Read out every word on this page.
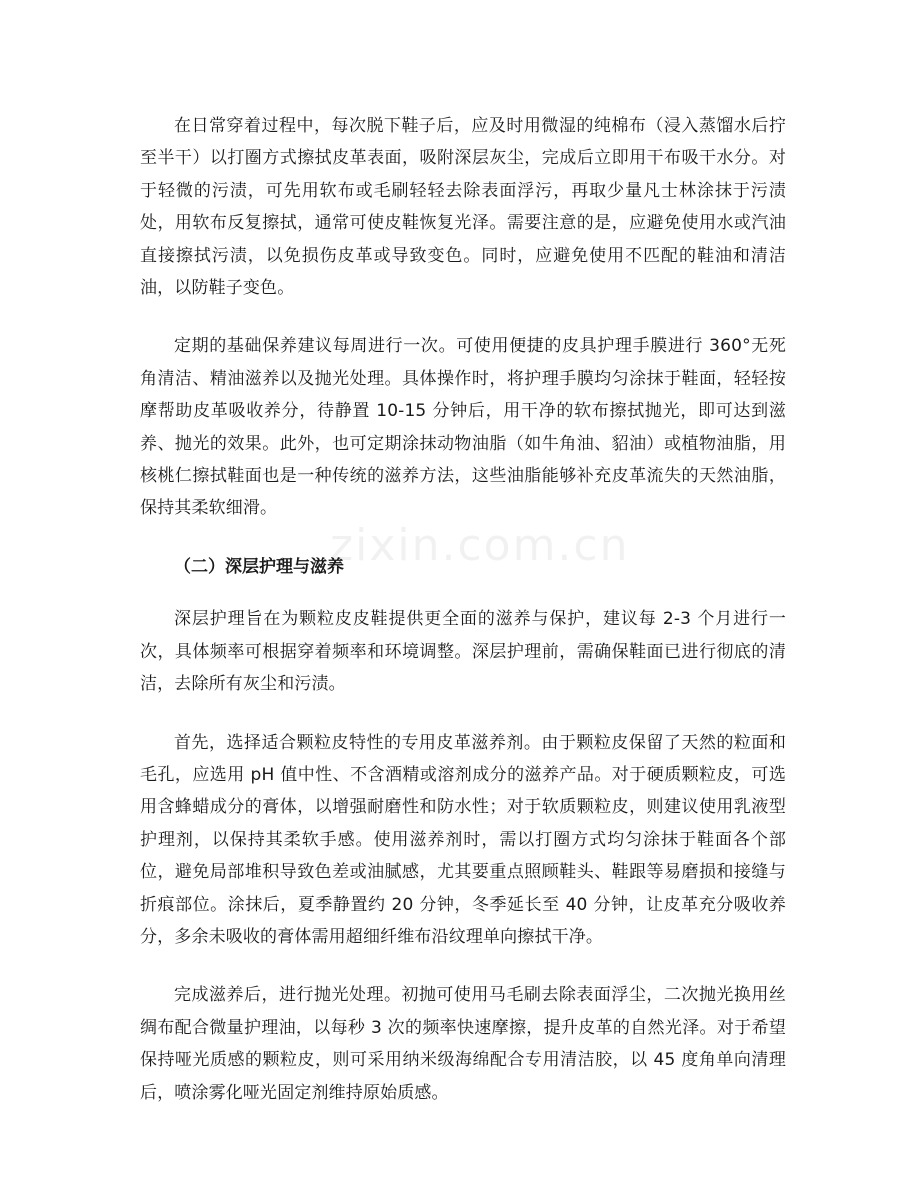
zixin.com.cn

在日常穿着过程中，每次脱下鞋子后，应及时用微湿的纯棉布（浸入蒸馏水后拧至半干）以打圈方式擦拭皮革表面，吸附深层灰尘，完成后立即用干布吸干水分。对于轻微的污渍，可先用软布或毛刷轻轻去除表面浮污，再取少量凡士林涂抹于污渍处，用软布反复擦拭，通常可使皮鞋恢复光泽。需要注意的是，应避免使用水或汽油直接擦拭污渍，以免损伤皮革或导致变色。同时，应避免使用不匹配的鞋油和清洁油，以防鞋子变色。

定期的基础保养建议每周进行一次。可使用便捷的皮具护理手膜进行 360°无死角清洁、精油滋养以及抛光处理。具体操作时，将护理手膜均匀涂抹于鞋面，轻轻按摩帮助皮革吸收养分，待静置 10-15 分钟后，用干净的软布擦拭抛光，即可达到滋养、抛光的效果。此外，也可定期涂抹动物油脂（如牛角油、貂油）或植物油脂，用核桃仁擦拭鞋面也是一种传统的滋养方法，这些油脂能够补充皮革流失的天然油脂，保持其柔软细滑。

（二）深层护理与滋养

深层护理旨在为颗粒皮皮鞋提供更全面的滋养与保护，建议每 2-3 个月进行一次，具体频率可根据穿着频率和环境调整。深层护理前，需确保鞋面已进行彻底的清洁，去除所有灰尘和污渍。

首先，选择适合颗粒皮特性的专用皮革滋养剂。由于颗粒皮保留了天然的粒面和毛孔，应选用 pH 值中性、不含酒精或溶剂成分的滋养产品。对于硬质颗粒皮，可选用含蜂蜡成分的膏体，以增强耐磨性和防水性；对于软质颗粒皮，则建议使用乳液型护理剂，以保持其柔软手感。使用滋养剂时，需以打圈方式均匀涂抹于鞋面各个部位，避免局部堆积导致色差或油腻感，尤其要重点照顾鞋头、鞋跟等易磨损和接缝与折痕部位。涂抹后，夏季静置约 20 分钟，冬季延长至 40 分钟，让皮革充分吸收养分，多余未吸收的膏体需用超细纤维布沿纹理单向擦拭干净。

完成滋养后，进行抛光处理。初抛可使用马毛刷去除表面浮尘，二次抛光换用丝绸布配合微量护理油，以每秒 3 次的频率快速摩擦，提升皮革的自然光泽。对于希望保持哑光质感的颗粒皮，则可采用纳米级海绵配合专用清洁胶，以 45 度角单向清理后，喷涂雾化哑光固定剂维持原始质感。
